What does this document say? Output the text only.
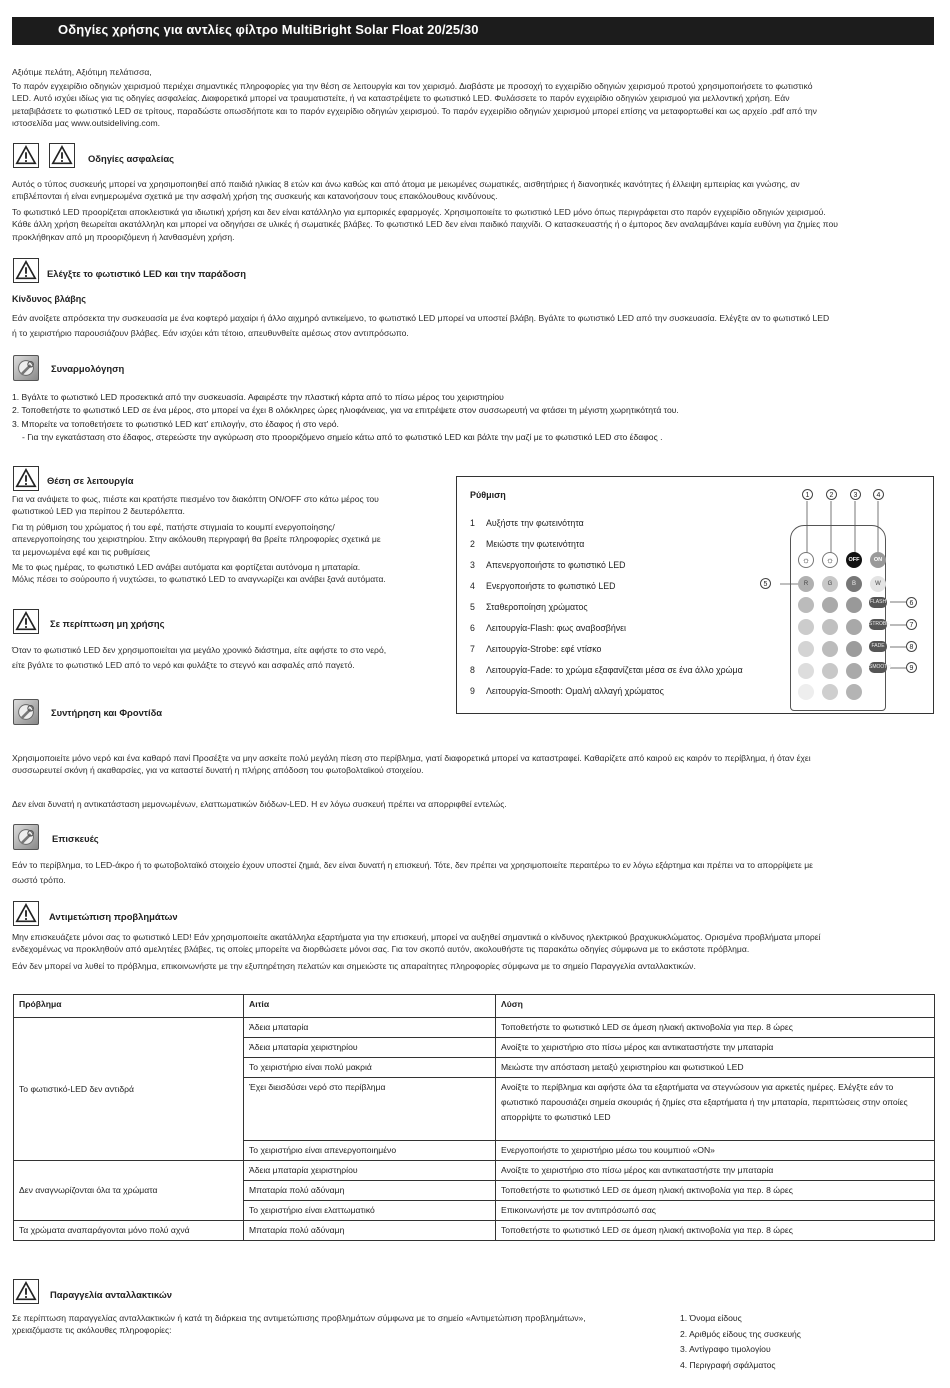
Οδηγίες χρήσης για αντλίες φίλτρο MultiBright Solar Float 20/25/30
Αξιότιμε πελάτη, Αξιότιμη πελάτισσα,
Το παρόν εγχειρίδιο οδηγιών χειρισμού περιέχει σημαντικές πληροφορίες για την θέση σε λειτουργία και τον χειρισμό. Διαβάστε με προσοχή το εγχειρίδιο οδηγιών χειρισμού προτού χρησιμοποιήσετε το φωτιστικό
LED. Αυτό ισχύει ιδίως για τις οδηγίες ασφαλείας. Διαφορετικά μπορεί να τραυματιστείτε, ή να καταστρέψετε το φωτιστικό LED. Φυλάσσετε το παρόν εγχειρίδιο οδηγιών χειρισμού για μελλοντική χρήση. Εάν
μεταβιβάσετε το φωτιστικό LED σε τρίτους, παραδώστε οπωσδήποτε και το παρόν εγχειρίδιο οδηγιών χειρισμού. Το παρόν εγχειρίδιο οδηγιών χειρισμού μπορεί επίσης να μεταφορτωθεί και ως αρχείο .pdf από την
ιστοσελίδα μας www.outsideliving.com.
Οδηγίες ασφαλείας
Αυτός ο τύπος συσκευής μπορεί να χρησιμοποιηθεί από παιδιά ηλικίας 8 ετών και άνω καθώς και από άτομα με μειωμένες σωματικές, αισθητήριες ή διανοητικές ικανότητες ή έλλειψη εμπειρίας και γνώσης, αν
επιβλέπονται ή είναι ενημερωμένα σχετικά με την ασφαλή χρήση της συσκευής και κατανοήσουν τους επακόλουθους κινδύνους.
Το φωτιστικό LED προορίζεται αποκλειστικά για ιδιωτική χρήση και δεν είναι κατάλληλο για εμπορικές εφαρμογές. Χρησιμοποιείτε το φωτιστικό LED μόνο όπως περιγράφεται στο παρόν εγχειρίδιο οδηγιών χειρισμού.
Κάθε άλλη χρήση θεωρείται ακατάλληλη και μπορεί να οδηγήσει σε υλικές ή σωματικές βλάβες. Το φωτιστικό LED δεν είναι παιδικό παιχνίδι. Ο κατασκευαστής ή ο έμπορος δεν αναλαμβάνει καμία ευθύνη για ζημίες που
προκλήθηκαν από μη προοριζόμενη ή λανθασμένη χρήση.
Ελέγξτε το φωτιστικό LED και την παράδοση
Κίνδυνος βλάβης
Εάν ανοίξετε απρόσεκτα την συσκευασία με ένα κοφτερό μαχαίρι ή άλλο αιχμηρό αντικείμενο, το φωτιστικό LED μπορεί να υποστεί βλάβη. Βγάλτε το φωτιστικό LED από την συσκευασία. Ελέγξτε αν το φωτιστικό LED
ή το χειριστήριο παρουσιάζουν βλάβες. Εάν ισχύει κάτι τέτοιο, απευθυνθείτε αμέσως στον αντιπρόσωπο.
Συναρμολόγηση
1. Βγάλτε το φωτιστικό LED προσεκτικά από την συσκευασία. Αφαιρέστε την πλαστική κάρτα από το πίσω μέρος του χειριστηρίου
2. Τοποθετήστε το φωτιστικό LED σε ένα μέρος, στο μπορεί να έχει 8 ολόκληρες ώρες ηλιοφάνειας, για να επιτρέψετε στον συσσωρευτή να φτάσει τη μέγιστη χωρητικότητά του.
3. Μπορείτε να τοποθετήσετε το φωτιστικό LED κατ' επιλογήν, στο έδαφος ή στο νερό.
- Για την εγκατάσταση στο έδαφος, στερεώστε την αγκύρωση στο προοριζόμενο σημείο κάτω από το φωτιστικό LED και βάλτε την μαζί με το φωτιστικό LED στο έδαφος .
Θέση σε λειτουργία
Για να ανάψετε το φως, πιέστε και κρατήστε πιεσμένο τον διακόπτη ON/OFF στο κάτω μέρος του
φωτιστικού LED για περίπου 2 δευτερόλεπτα.
Για τη ρύθμιση του χρώματος ή του εφέ, πατήστε στιγμιαία το κουμπί ενεργοποίησης/
απενεργοποίησης του χειριστηρίου. Στην ακόλουθη περιγραφή θα βρείτε πληροφορίες σχετικά με
τα μεμονωμένα εφέ και τις ρυθμίσεις
Με το φως ημέρας, το φωτιστικό LED ανάβει αυτόματα και φορτίζεται αυτόνομα η μπαταρία.
Μόλις πέσει το σούρουπο ή νυχτώσει, το φωτιστικό LED το αναγνωρίζει και ανάβει ξανά αυτόματα.
Σε περίπτωση μη χρήσης
Όταν το φωτιστικό LED δεν χρησιμοποιείται για μεγάλο χρονικό διάστημα, είτε αφήστε το στο νερό,
είτε βγάλτε το φωτιστικό LED από το νερό και φυλάξτε το στεγνό και ασφαλές από παγετό.
Ρύθμιση
1 Αυξήστε την φωτεινότητα
2 Μειώστε την φωτεινότητα
3 Απενεργοποιήστε το φωτιστικό LED
4 Ενεργοποιήστε το φωτιστικό LED
5 Σταθεροποίηση χρώματος
6 Λειτουργία-Flash: φως αναβοσβήνει
7 Λειτουργία-Strobe: εφέ ντίσκο
8 Λειτουργία-Fade: το χρώμα εξαφανίζεται μέσα σε ένα άλλο χρώμα
9 Λειτουργία-Smooth: Ομαλή αλλαγή χρώματος
1	2	3	4
5
6
7
8
9
☼	☼	OFF	ON
R	G	B	W
FLASH
STROBE
FADE
SMOOTH
Συντήρηση και Φροντίδα
Χρησιμοποιείτε μόνο νερό και ένα καθαρό πανί Προσέξτε να μην ασκείτε πολύ μεγάλη πίεση στο περίβλημα, γιατί διαφορετικά μπορεί να καταστραφεί. Καθαρίζετε από καιρού εις καιρόν το περίβλημα, ή όταν έχει
συσσωρευτεί σκόνη ή ακαθαρσίες, για να καταστεί δυνατή η πλήρης απόδοση του φωτοβολταϊκού στοιχείου.
Δεν είναι δυνατή η αντικατάσταση μεμονωμένων, ελαττωματικών διόδων-LED. Η εν λόγω συσκευή πρέπει να απορριφθεί εντελώς.
Επισκευές
Εάν το περίβλημα, το LED-άκρο ή το φωτοβολταϊκό στοιχείο έχουν υποστεί ζημιά, δεν είναι δυνατή η επισκευή. Τότε, δεν πρέπει να χρησιμοποιείτε περαιτέρω το εν λόγω εξάρτημα και πρέπει να το απορρίψετε με
σωστό τρόπο.
Αντιμετώπιση προβλημάτων
Μην επισκευάζετε μόνοι σας το φωτιστικό LED! Εάν χρησιμοποιείτε ακατάλληλα εξαρτήματα για την επισκευή, μπορεί να αυξηθεί σημαντικά ο κίνδυνος ηλεκτρικού βραχυκυκλώματος. Ορισμένα προβλήματα μπορεί
ενδεχομένως να προκληθούν από αμελητέες βλάβες, τις οποίες μπορείτε να διορθώσετε μόνοι σας. Για τον σκοπό αυτόν, ακολουθήστε τις παρακάτω οδηγίες σύμφωνα με το εκάστοτε πρόβλημα.
Εάν δεν μπορεί να λυθεί το πρόβλημα, επικοινωνήστε με την εξυπηρέτηση πελατών και σημειώστε τις απαραίτητες πληροφορίες σύμφωνα με το σημείο Παραγγελία ανταλλακτικών.
Πρόβλημα	Αιτία	Λύση
Το φωτιστικό-LED δεν αντιδρά	Άδεια μπαταρία	Τοποθετήστε το φωτιστικό LED σε άμεση ηλιακή ακτινοβολία για περ. 8 ώρες
	Άδεια μπαταρία χειριστηρίου	Ανοίξτε το χειριστήριο στο πίσω μέρος και αντικαταστήστε την μπαταρία
	Το χειριστήριο είναι πολύ μακριά	Μειώστε την απόσταση μεταξύ χειριστηρίου και φωτιστικού LED
	Έχει διεισδύσει νερό στο περίβλημα	Ανοίξτε το περίβλημα και αφήστε όλα τα εξαρτήματα να στεγνώσουν για αρκετές ημέρες. Ελέγξτε εάν το φωτιστικό παρουσιάζει σημεία σκουριάς ή ζημίες στα εξαρτήματα ή την μπαταρία, περιπτώσεις στην οποίες απορρίψτε το φωτιστικό LED
	Το χειριστήριο είναι απενεργοποιημένο	Ενεργοποιήστε το χειριστήριο μέσω του κουμπιού «ON»
Δεν αναγνωρίζονται όλα τα χρώματα	Άδεια μπαταρία χειριστηρίου	Ανοίξτε το χειριστήριο στο πίσω μέρος και αντικαταστήστε την μπαταρία
	Μπαταρία πολύ αδύναμη	Τοποθετήστε το φωτιστικό LED σε άμεση ηλιακή ακτινοβολία για περ. 8 ώρες
	Το χειριστήριο είναι ελαττωματικό	Επικοινωνήστε με τον αντιπρόσωπό σας
Τα χρώματα αναπαράγονται μόνο πολύ αχνά	Μπαταρία πολύ αδύναμη	Τοποθετήστε το φωτιστικό LED σε άμεση ηλιακή ακτινοβολία για περ. 8 ώρες
Παραγγελία ανταλλακτικών
Σε περίπτωση παραγγελίας ανταλλακτικών ή κατά τη διάρκεια της αντιμετώπισης προβλημάτων σύμφωνα με το σημείο «Αντιμετώπιση προβλημάτων»,
χρειαζόμαστε τις ακόλουθες πληροφορίες:
1. Όνομα είδους
2. Αριθμός είδους της συσκευής
3. Αντίγραφο τιμολογίου
4. Περιγραφή σφάλματος
